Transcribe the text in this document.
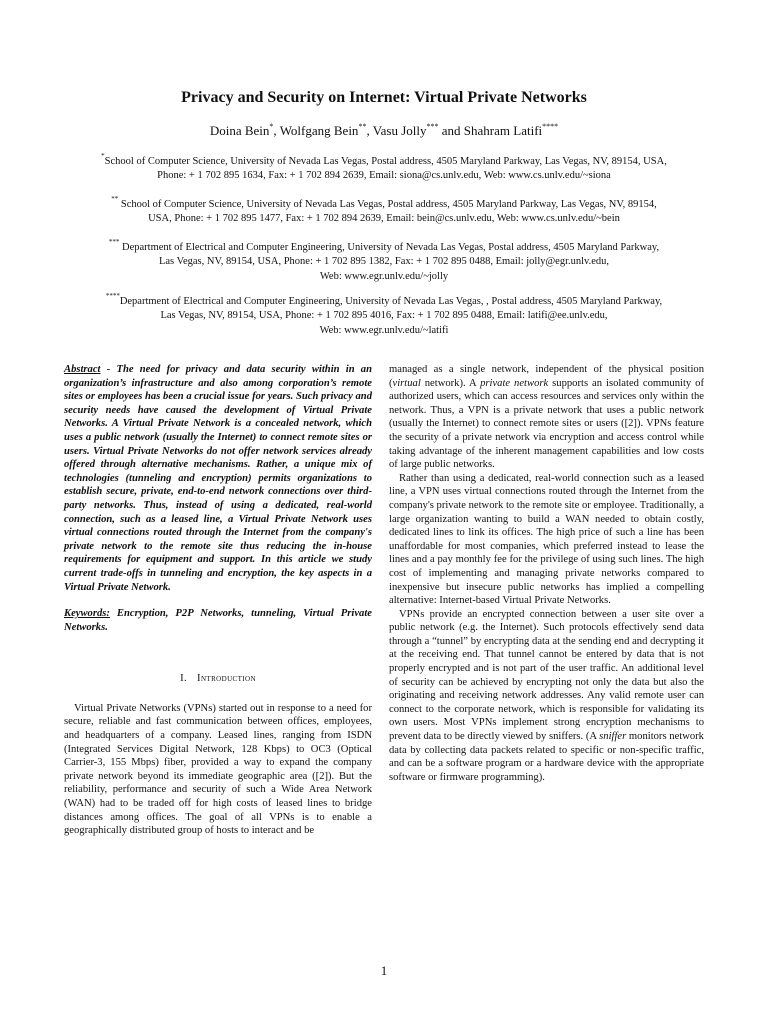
Privacy and Security on Internet: Virtual Private Networks
Doina Bein*, Wolfgang Bein**, Vasu Jolly*** and Shahram Latifi****
*School of Computer Science, University of Nevada Las Vegas, Postal address, 4505 Maryland Parkway, Las Vegas, NV, 89154, USA,
Phone: + 1 702 895 1634, Fax: + 1 702 894 2639, Email: siona@cs.unlv.edu, Web: www.cs.unlv.edu/~siona
** School of Computer Science, University of Nevada Las Vegas, Postal address, 4505 Maryland Parkway, Las Vegas, NV, 89154,
USA, Phone: + 1 702 895 1477, Fax: + 1 702 894 2639, Email: bein@cs.unlv.edu, Web: www.cs.unlv.edu/~bein
*** Department of Electrical and Computer Engineering, University of Nevada Las Vegas, Postal address, 4505 Maryland Parkway,
Las Vegas, NV, 89154, USA, Phone: + 1 702 895 1382, Fax: + 1 702 895 0488, Email: jolly@egr.unlv.edu,
Web: www.egr.unlv.edu/~jolly
****Department of Electrical and Computer Engineering, University of Nevada Las Vegas, , Postal address, 4505 Maryland Parkway,
Las Vegas, NV, 89154, USA, Phone: + 1 702 895 4016, Fax: + 1 702 895 0488, Email: latifi@ee.unlv.edu,
Web: www.egr.unlv.edu/~latifi

Abstract - The need for privacy and data security within in an organization’s infrastructure and also among corporation’s remote sites or employees has been a crucial issue for years. Such privacy and security needs have caused the development of Virtual Private Networks. A Virtual Private Network is a concealed network, which uses a public network (usually the Internet) to connect remote sites or users. Virtual Private Networks do not offer network services already offered through alternative mechanisms. Rather, a unique mix of technologies (tunneling and encryption) permits organizations to establish secure, private, end-to-end network connections over third-party networks. Thus, instead of using a dedicated, real-world connection, such as a leased line, a Virtual Private Network uses virtual connections routed through the Internet from the company's private network to the remote site thus reducing the in-house requirements for equipment and support. In this article we study current trade-offs in tunneling and encryption, the key aspects in a Virtual Private Network.

Keywords: Encryption, P2P Networks, tunneling, Virtual Private Networks.

I. Introduction

Virtual Private Networks (VPNs) started out in response to a need for secure, reliable and fast communication between offices, employees, and headquarters of a company. Leased lines, ranging from ISDN (Integrated Services Digital Network, 128 Kbps) to OC3 (Optical Carrier-3, 155 Mbps) fiber, provided a way to expand the company private network beyond its immediate geographic area ([2]). But the reliability, performance and security of such a Wide Area Network (WAN) had to be traded off for high costs of leased lines to bridge distances among offices. The goal of all VPNs is to enable a geographically distributed group of hosts to interact and be

managed as a single network, independent of the physical position (virtual network). A private network supports an isolated community of authorized users, which can access resources and services only within the network. Thus, a VPN is a private network that uses a public network (usually the Internet) to connect remote sites or users ([2]). VPNs feature the security of a private network via encryption and access control while taking advantage of the inherent management capabilities and low costs of large public networks.

Rather than using a dedicated, real-world connection such as a leased line, a VPN uses virtual connections routed through the Internet from the company's private network to the remote site or employee. Traditionally, a large organization wanting to build a WAN needed to obtain costly, dedicated lines to link its offices. The high price of such a line has been unaffordable for most companies, which preferred instead to lease the lines and a pay monthly fee for the privilege of using such lines. The high cost of implementing and managing private networks compared to inexpensive but insecure public networks has implied a compelling alternative: Internet-based Virtual Private Networks.

VPNs provide an encrypted connection between a user site over a public network (e.g. the Internet). Such protocols effectively send data through a “tunnel” by encrypting data at the sending end and decrypting it at the receiving end. That tunnel cannot be entered by data that is not properly encrypted and is not part of the user traffic. An additional level of security can be achieved by encrypting not only the data but also the originating and receiving network addresses. Any valid remote user can connect to the corporate network, which is responsible for validating its own users. Most VPNs implement strong encryption mechanisms to prevent data to be directly viewed by sniffers. (A sniffer monitors network data by collecting data packets related to specific or non-specific traffic, and can be a software program or a hardware device with the appropriate software or firmware programming).

1
